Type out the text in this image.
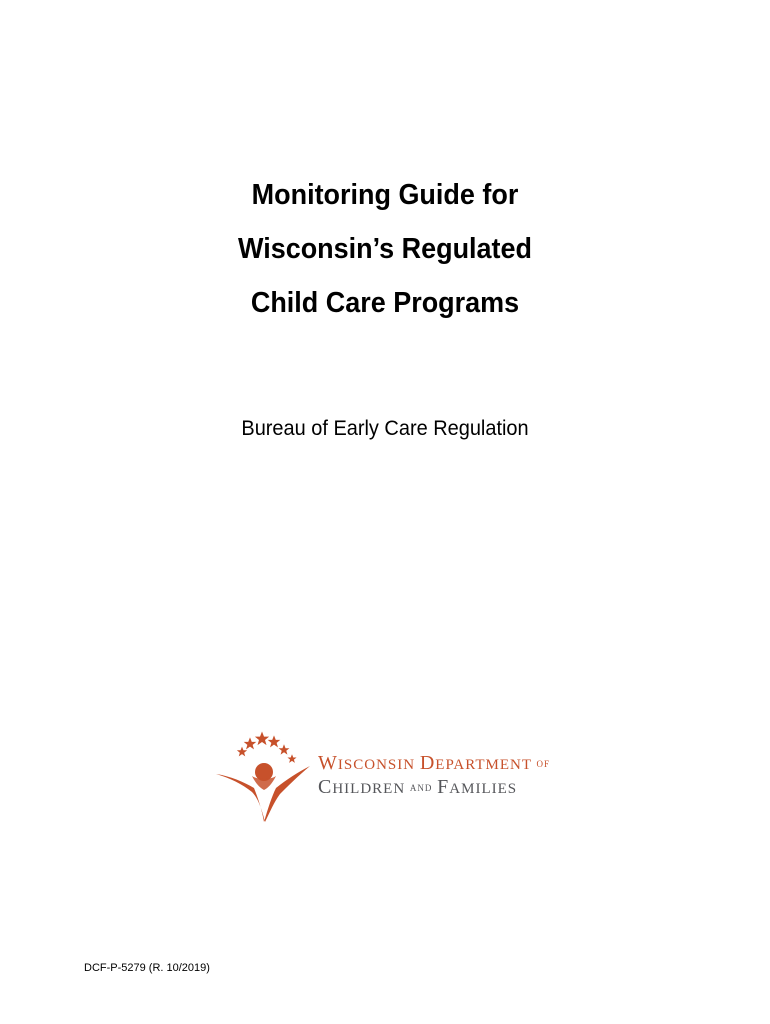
Monitoring Guide for
Wisconsin’s Regulated
Child Care Programs
Bureau of Early Care Regulation
WISCONSIN DEPARTMENT OF
CHILDREN AND FAMILIES
DCF-P-5279 (R. 10/2019)
